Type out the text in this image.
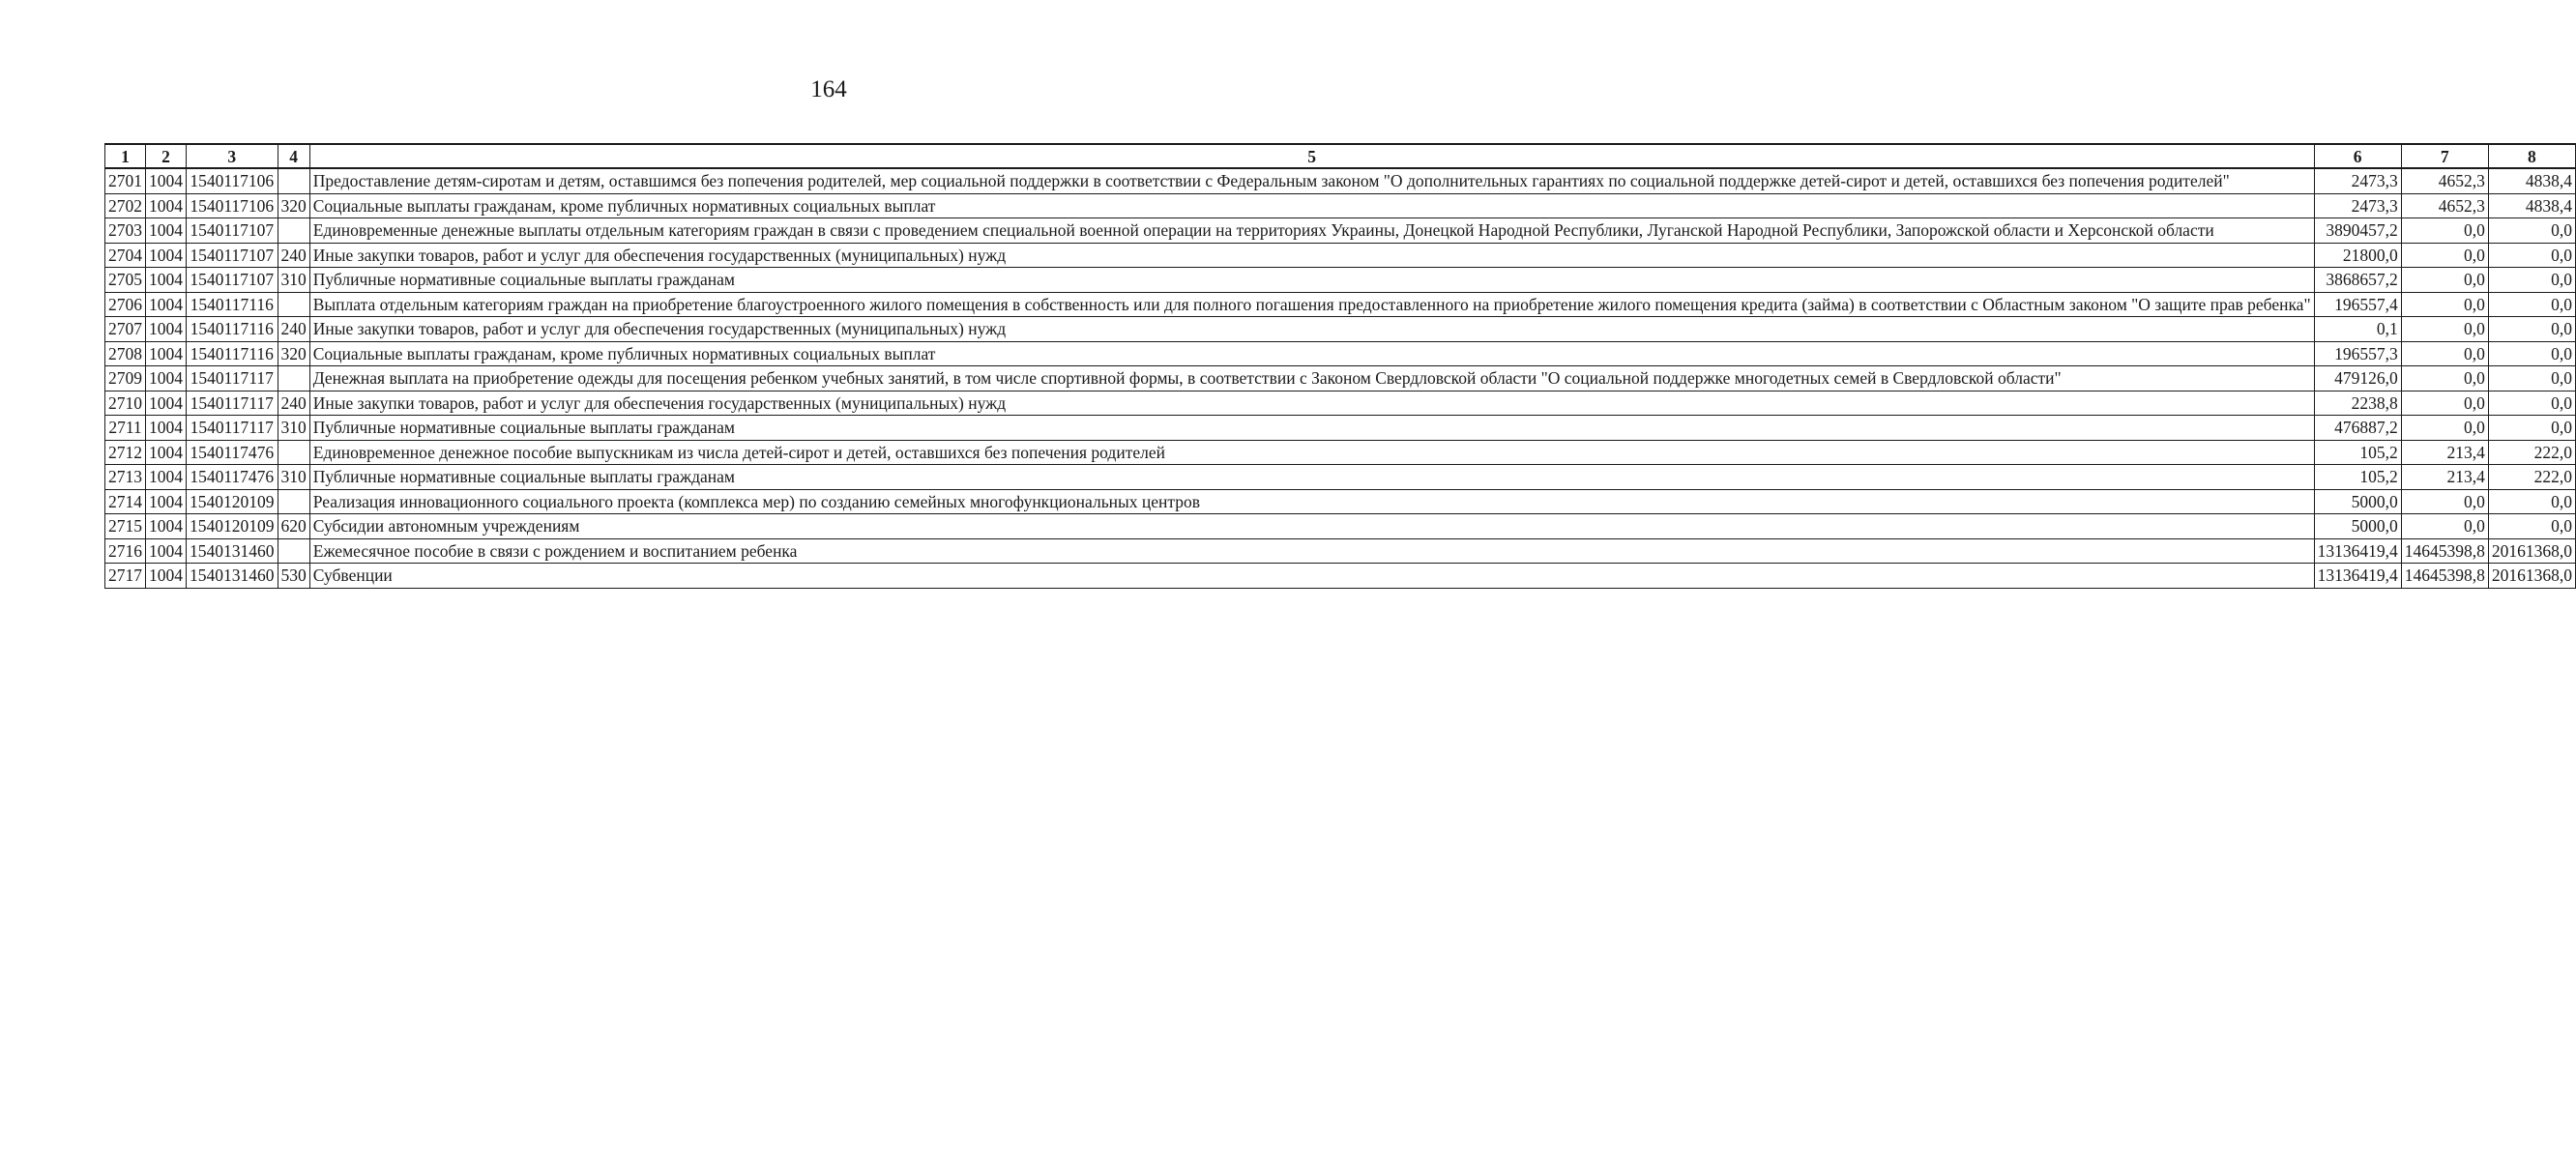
164
1	2	3	4	5	6	7	8
2701	1004	1540117106		Предоставление детям-сиротам и детям, оставшимся без попечения родителей, мер социальной поддержки в соответствии с Федеральным законом "О дополнительных гарантиях по социальной поддержке детей-сирот и детей, оставшихся без попечения родителей"	2473,3	4652,3	4838,4
2702	1004	1540117106	320	Социальные выплаты гражданам, кроме публичных нормативных социальных выплат	2473,3	4652,3	4838,4
2703	1004	1540117107		Единовременные денежные выплаты отдельным категориям граждан в связи с проведением специальной военной операции на территориях Украины, Донецкой Народной Республики, Луганской Народной Республики, Запорожской области и Херсонской области	3890457,2	0,0	0,0
2704	1004	1540117107	240	Иные закупки товаров, работ и услуг для обеспечения государственных (муниципальных) нужд	21800,0	0,0	0,0
2705	1004	1540117107	310	Публичные нормативные социальные выплаты гражданам	3868657,2	0,0	0,0
2706	1004	1540117116		Выплата отдельным категориям граждан на приобретение благоустроенного жилого помещения в собственность или для полного погашения предоставленного на приобретение жилого помещения кредита (займа) в соответствии с Областным законом "О защите прав ребенка"	196557,4	0,0	0,0
2707	1004	1540117116	240	Иные закупки товаров, работ и услуг для обеспечения государственных (муниципальных) нужд	0,1	0,0	0,0
2708	1004	1540117116	320	Социальные выплаты гражданам, кроме публичных нормативных социальных выплат	196557,3	0,0	0,0
2709	1004	1540117117		Денежная выплата на приобретение одежды для посещения ребенком учебных занятий, в том числе спортивной формы, в соответствии с Законом Свердловской области "О социальной поддержке многодетных семей в Свердловской области"	479126,0	0,0	0,0
2710	1004	1540117117	240	Иные закупки товаров, работ и услуг для обеспечения государственных (муниципальных) нужд	2238,8	0,0	0,0
2711	1004	1540117117	310	Публичные нормативные социальные выплаты гражданам	476887,2	0,0	0,0
2712	1004	1540117476		Единовременное денежное пособие выпускникам из числа детей-сирот и детей, оставшихся без попечения родителей	105,2	213,4	222,0
2713	1004	1540117476	310	Публичные нормативные социальные выплаты гражданам	105,2	213,4	222,0
2714	1004	1540120109		Реализация инновационного социального проекта (комплекса мер) по созданию семейных многофункциональных центров	5000,0	0,0	0,0
2715	1004	1540120109	620	Субсидии автономным учреждениям	5000,0	0,0	0,0
2716	1004	1540131460		Ежемесячное пособие в связи с рождением и воспитанием ребенка	13136419,4	14645398,8	20161368,0
2717	1004	1540131460	530	Субвенции	13136419,4	14645398,8	20161368,0
